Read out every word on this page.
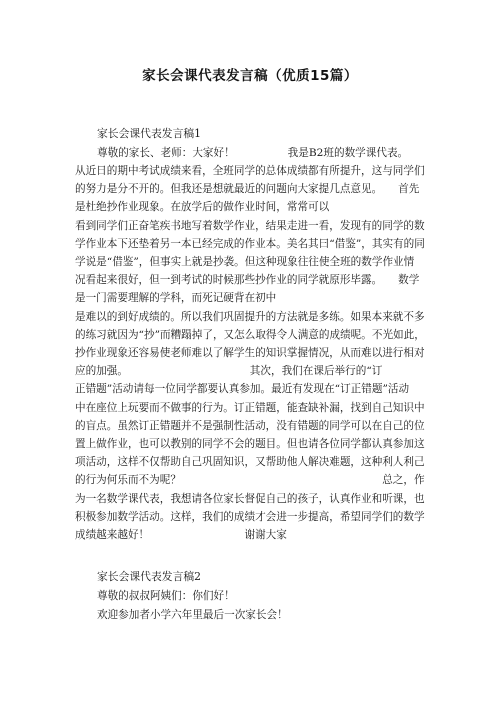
家长会课代表发言稿（优质15篇）
家长会课代表发言稿1
尊敬的家长、老师：大家好！　　　　　我是B2班的数学课代表。
从近日的期中考试成绩来看，全班同学的总体成绩都有所提升，这与同学们
的努力是分不开的。但我还是想就最近的问题向大家提几点意见。　　首先
是杜绝抄作业现象。在放学后的做作业时间，常常可以
看到同学们正奋笔疾书地写着数学作业，结果走进一看，发现有的同学的数
学作业本下还垫着另一本已经完成的作业本。美名其曰“借鉴”，其实有的同
学说是“借鉴”，但事实上就是抄袭。但这种现象往往使全班的数学作业情
况看起来很好，但一到考试的时候那些抄作业的同学就原形毕露。　　数学
是一门需要理解的学科，而死记硬背在初中
是难以的到好成绩的。所以我们巩固提升的方法就是多练。如果本来就不多
的练习就因为“抄”而糟蹋掉了，又怎么取得令人满意的成绩呢。不光如此，
抄作业现象还容易使老师难以了解学生的知识掌握情况，从而难以进行相对
应的加强。　　　　　　　　　　　　其次，我们在课后举行的“订
正错题”活动请每一位同学都要认真参加。最近有发现在“订正错题”活动
中在座位上玩要而不做事的行为。订正错题，能查缺补漏，找到自己知识中
的盲点。虽然订正错题并不是强制性活动，没有错题的同学可以在自己的位
置上做作业，也可以教别的同学不会的题目。但也请各位同学都认真参加这
项活动，这样不仅帮助自己巩固知识，又帮助他人解决难题，这种利人利己
的行为何乐而不为呢？　　　　　　　　　　　　　　　　　　　总之，作
为一名数学课代表，我想请各位家长督促自己的孩子，认真作业和听课，也
积极参加数学活动。这样，我们的成绩才会进一步提高，希望同学们的数学
成绩越来越好！　　　　　　　　　谢谢大家
家长会课代表发言稿2
尊敬的叔叔阿姨们：你们好！
欢迎参加者小学六年里最后一次家长会！
